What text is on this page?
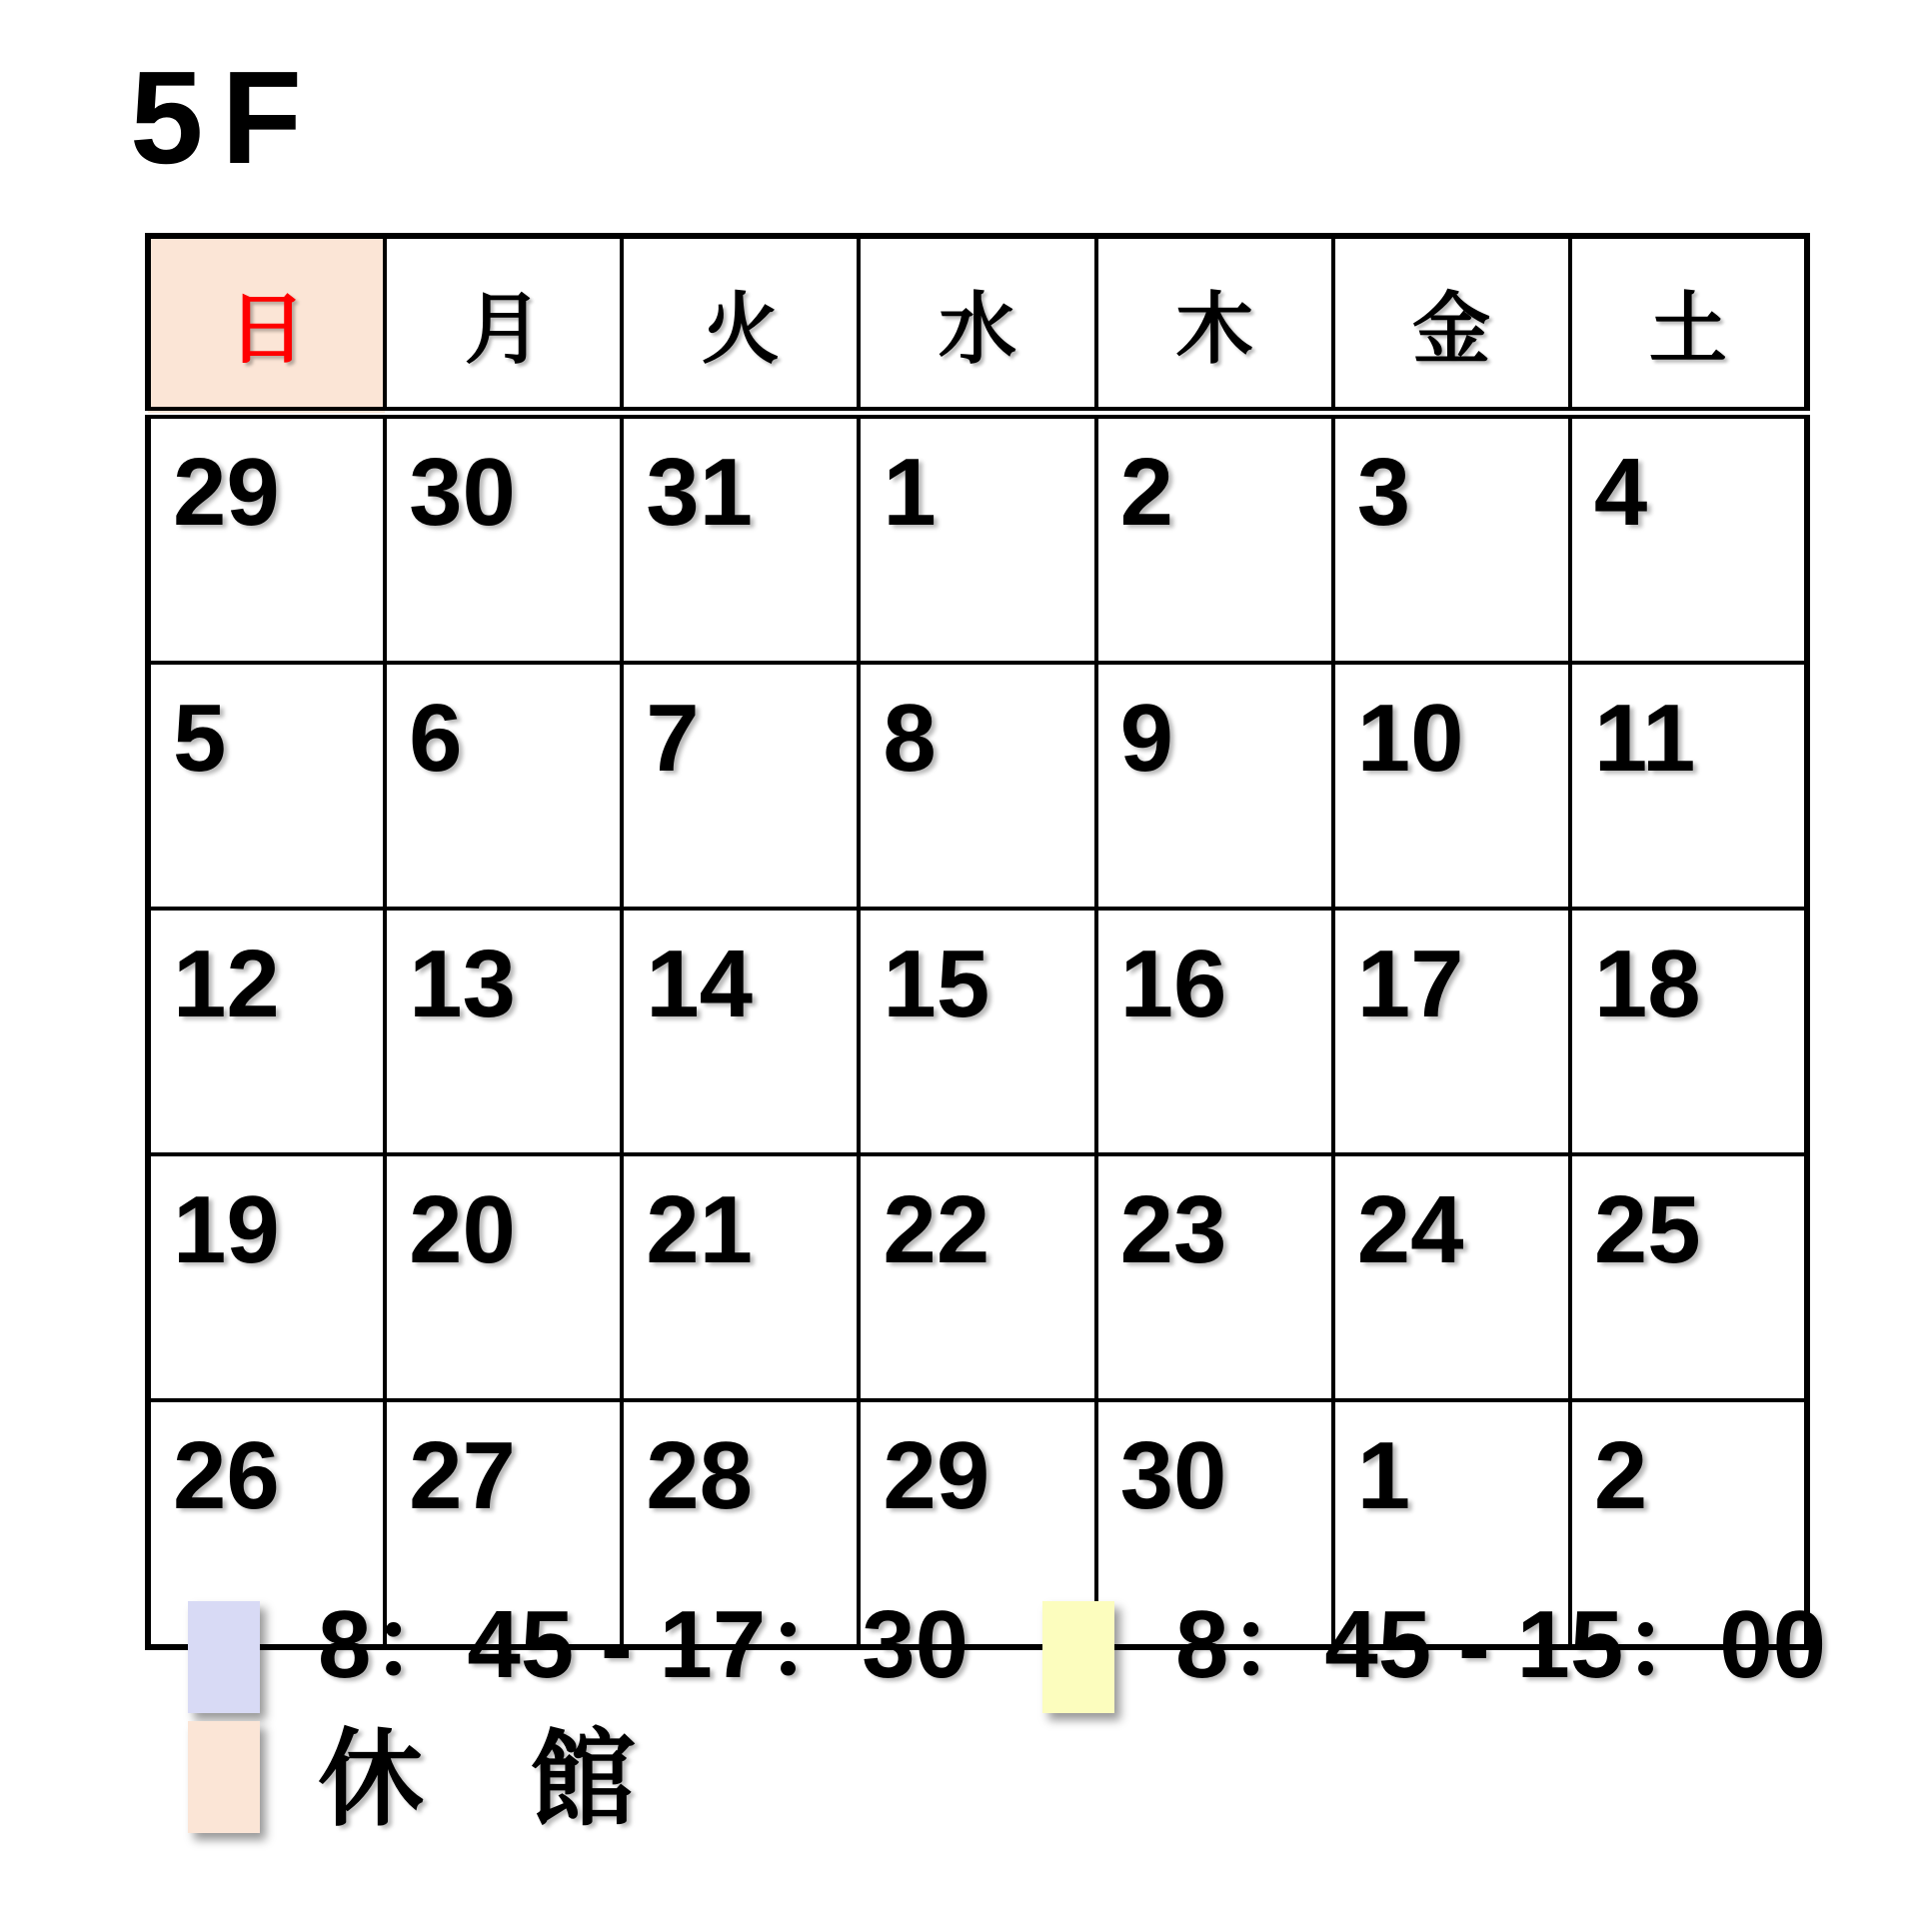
5F
日	月	火	水	木	金	土
29	30	31	1	2	3	4
5	6	7	8	9	10	11
12	13	14	15	16	17	18
19	20	21	22	23	24	25
26	27	28	29	30	1	2
8：45 - 17：30 8：45 - 15：00
休　館
